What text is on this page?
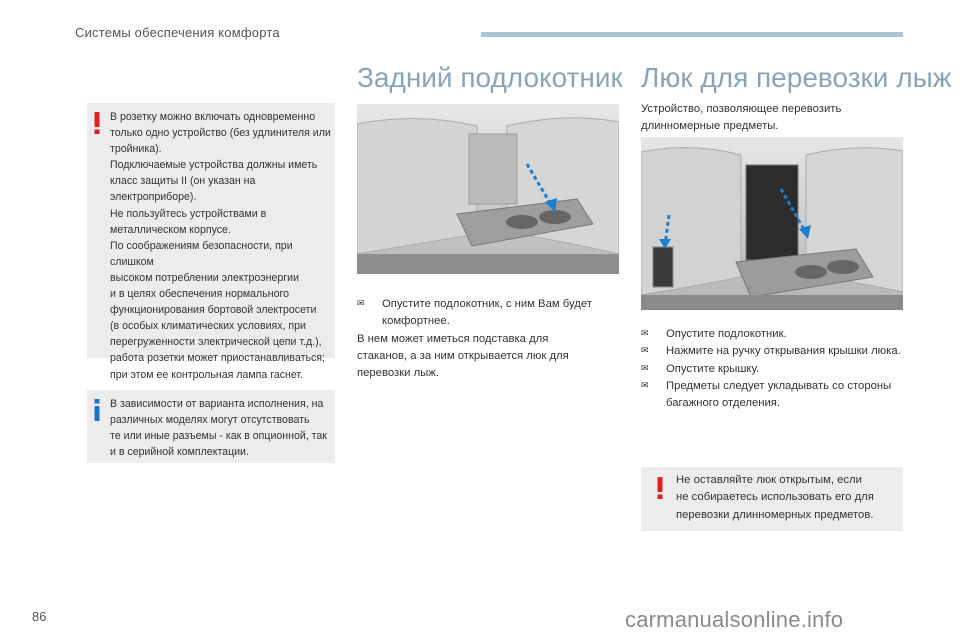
Системы обеспечения комфорта

В розетку можно включать одновременно

только одно устройство (без удлинителя или

тройника).

Подключаемые устройства должны иметь

класс защиты II (он указан на электроприборе).

Не пользуйтесь устройствами в

металлическом корпусе.

По соображениям безопасности, при слишком

высоком потреблении электроэнергии

и в целях обеспечения нормального

функционирования бортовой электросети

(в особых климатических условиях, при

перегруженности электрической цепи т.д.),

работа розетки может приостанавливаться;

при этом ее контрольная лампа гаснет.

В зависимости от варианта исполнения, на

различных моделях могут отсутствовать

те или иные разъемы - как в опционной, так

и в серийной комплектации.

Задний подлокотник
✉ Опустите подлокотник, с ним Вам будет комфортнее.

В нем может иметься подставка для

стаканов, а за ним открывается люк для

перевозки лыж.

Люк для перевозки лыж
Устройство, позволяющее перевозить длинномерные предметы.
✉ Опустите подлокотник.
✉ Нажмите на ручку открывания крышки люка.
✉ Опустите крышку.
✉ Предметы следует укладывать со стороны багажного отделения.

Не оставляйте люк открытым, если

не собираетесь использовать его для

перевозки длинномерных предметов.

86	carmanualsonline.info
